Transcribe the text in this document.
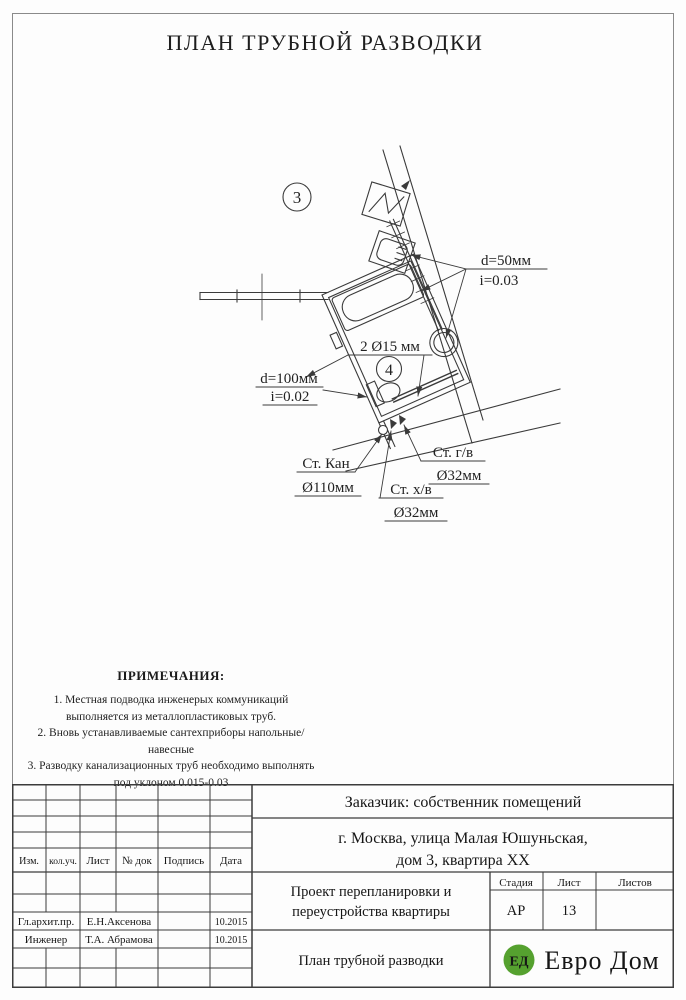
ПЛАН ТРУБНОЙ РАЗВОДКИ
3
4
d=50мм
i=0.03
2 Ø15 мм
d=100мм
i=0.02
Ст. Кан
Ø110мм Ст. х/в
Ø32мм
Ст. г/в
Ø32мм
ПРИМЕЧАНИЯ:
1. Местная подводка инженерых коммуникаций
выполняется из металлопластиковых труб.
2. Вновь устанавливаемые сантехприборы напольные/навесные
3. Разводку канализационных труб необходимо выполнять
под уклоном 0.015-0.03
Изм. кол.уч. Лист № док Подпись Дата
Гл.архит.пр. Е.Н.Аксенова	10.2015
Инженер Т.А. Абрамова	10.2015
Заказчик: собственник помещений
г. Москва, улица Малая Юшуньская,
дом 3, квартира XX
Проект перепланировки и
переустройства квартиры
Стадия Лист	Листов
АР	13
План трубной разводки	ЕД Евро Дом
